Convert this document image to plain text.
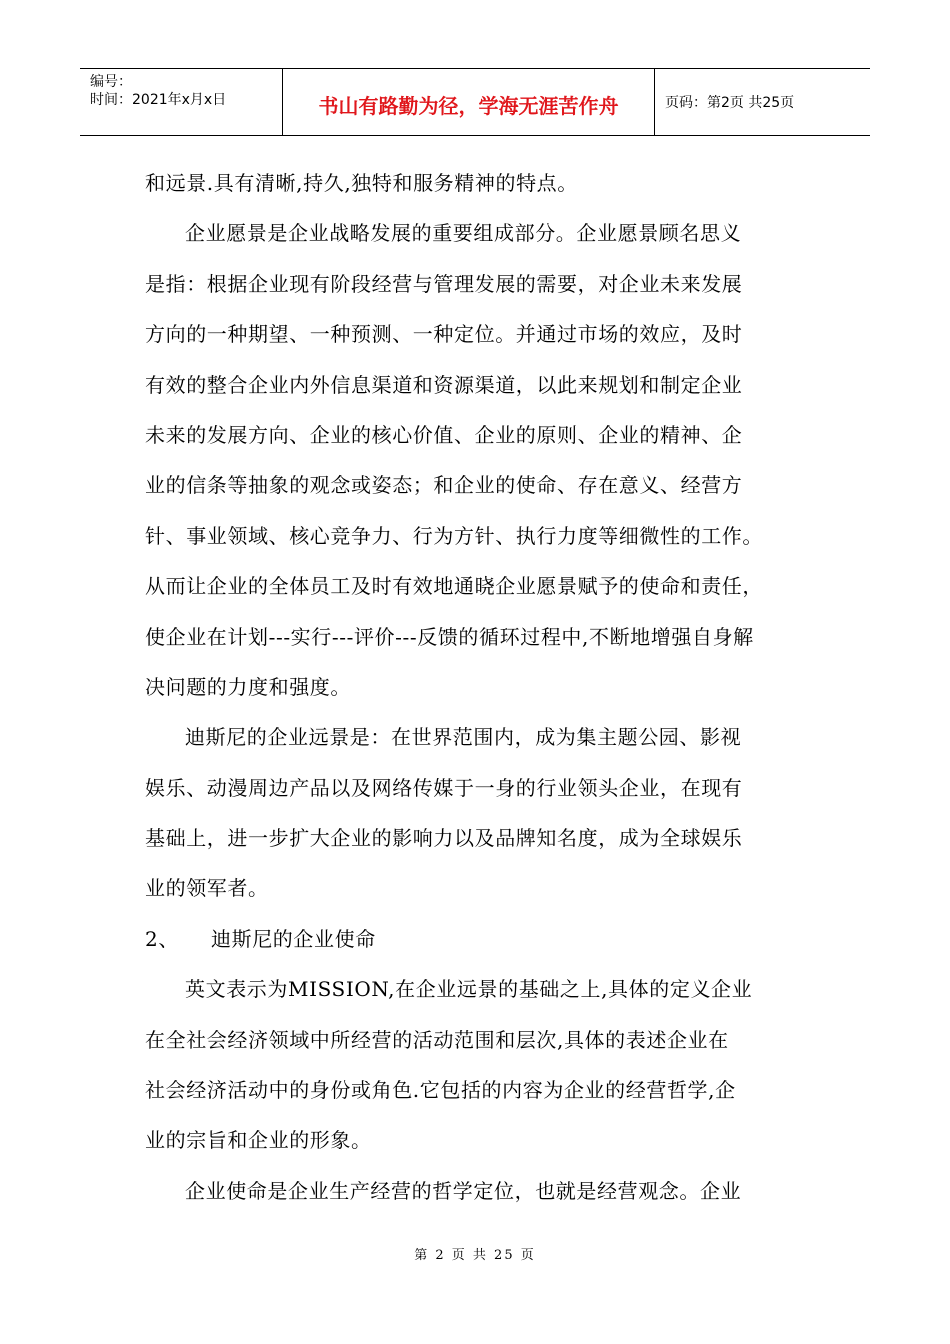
编号：
时间：2021年x月x日	书山有路勤为径，学海无涯苦作舟	页码：第2页 共25页
和远景.具有清晰,持久,独特和服务精神的特点。
企业愿景是企业战略发展的重要组成部分。企业愿景顾名思义
是指：根据企业现有阶段经营与管理发展的需要，对企业未来发展
方向的一种期望、一种预测、一种定位。并通过市场的效应，及时
有效的整合企业内外信息渠道和资源渠道，以此来规划和制定企业
未来的发展方向、企业的核心价值、企业的原则、企业的精神、企
业的信条等抽象的观念或姿态；和企业的使命、存在意义、经营方
针、事业领域、核心竞争力、行为方针、执行力度等细微性的工作。
从而让企业的全体员工及时有效地通晓企业愿景赋予的使命和责任，
使企业在计划---实行---评价---反馈的循环过程中,不断地增强自身解
决问题的力度和强度。
迪斯尼的企业远景是：在世界范围内，成为集主题公园、影视
娱乐、动漫周边产品以及网络传媒于一身的行业领头企业，在现有
基础上，进一步扩大企业的影响力以及品牌知名度，成为全球娱乐
业的领军者。
2、 迪斯尼的企业使命
英文表示为MISSION,在企业远景的基础之上,具体的定义企业
在全社会经济领域中所经营的活动范围和层次,具体的表述企业在
社会经济活动中的身份或角色.它包括的内容为企业的经营哲学,企
业的宗旨和企业的形象。
企业使命是企业生产经营的哲学定位，也就是经营观念。企业
第 2 页 共 25 页
